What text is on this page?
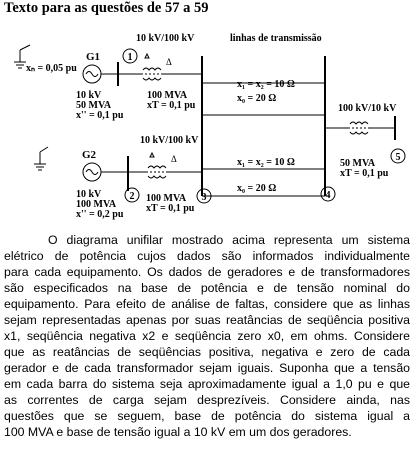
Texto para as questões de 57 a 59
xₙ = 0,05 pu
G1
10 kV
50 MVA
x'' = 0,1 pu
G2
10 kV
100 MVA
x'' = 0,2 pu
10 kV/100 kV
Δ
100 MVA
xT = 0,1 pu
10 kV/100 kV
Δ
100 MVA
xT = 0,1 pu
linhas de transmissão
x₁ = x₂ = 10 Ω
x₀ = 20 Ω
x₁ = x₂ = 10 Ω
x₀ = 20 Ω
100 kV/10 kV
50 MVA
xT = 0,1 pu
1
2	3	4
5
O diagrama unifilar mostrado acima representa um sistema
elétrico de potência cujos dados são informados individualmente
para cada equipamento. Os dados de geradores e de transformadores
são especificados na base de potência e de tensão nominal do
equipamento. Para efeito de análise de faltas, considere que as linhas
sejam representadas apenas por suas reatâncias de seqüência positiva
x1, seqüência negativa x2 e seqüência zero x0, em ohms. Considere
que as reatâncias de seqüências positiva, negativa e zero de cada
gerador e de cada transformador sejam iguais. Suponha que a tensão
em cada barra do sistema seja aproximadamente igual a 1,0 pu e que
as correntes de carga sejam desprezíveis. Considere ainda, nas
questões que se seguem, base de potência do sistema igual a
100 MVA e base de tensão igual a 10 kV em um dos geradores.
